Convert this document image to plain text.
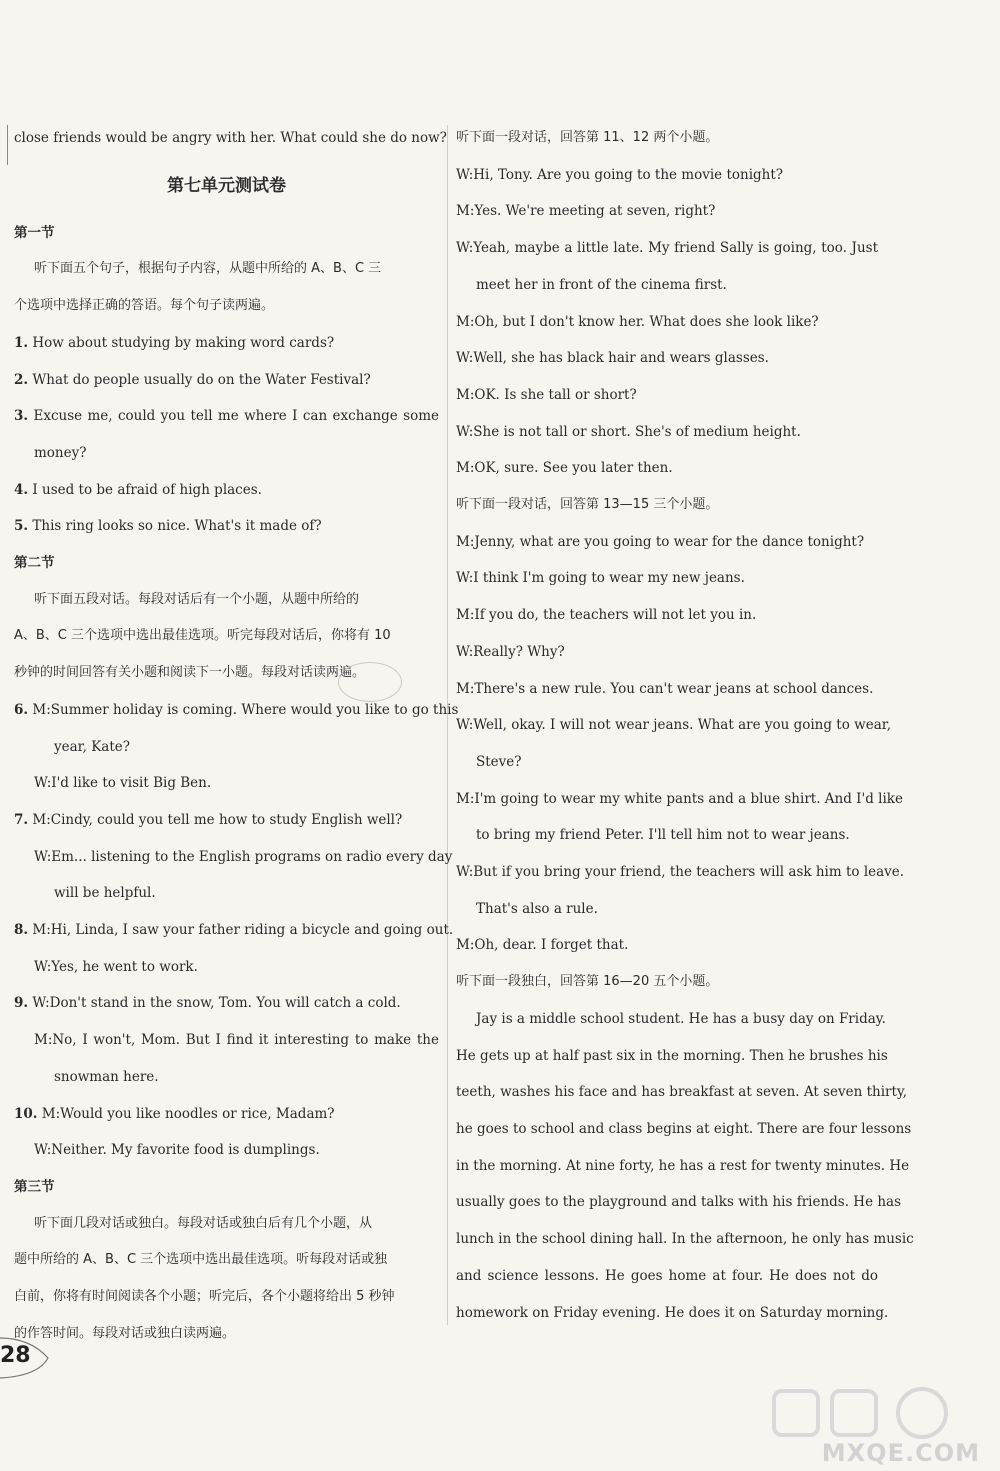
close friends would be angry with her. What could she do now?
第七单元测试卷
第一节
听下面五个句子，根据句子内容，从题中所给的 A、B、C 三
个选项中选择正确的答语。每个句子读两遍。
1. How about studying by making word cards?
2. What do people usually do on the Water Festival?
3. Excuse me, could you tell me where I can exchange some
money?
4. I used to be afraid of high places.
5. This ring looks so nice. What's it made of?
第二节
听下面五段对话。每段对话后有一个小题，从题中所给的
A、B、C 三个选项中选出最佳选项。听完每段对话后，你将有 10
秒钟的时间回答有关小题和阅读下一小题。每段对话读两遍。
6. M:Summer holiday is coming. Where would you like to go this
year, Kate?
W:I'd like to visit Big Ben.
7. M:Cindy, could you tell me how to study English well?
W:Em... listening to the English programs on radio every day
will be helpful.
8. M:Hi, Linda, I saw your father riding a bicycle and going out.
W:Yes, he went to work.
9. W:Don't stand in the snow, Tom. You will catch a cold.
M:No, I won't, Mom. But I find it interesting to make the
snowman here.
10. M:Would you like noodles or rice, Madam?
W:Neither. My favorite food is dumplings.
第三节
听下面几段对话或独白。每段对话或独白后有几个小题，从
题中所给的 A、B、C 三个选项中选出最佳选项。听每段对话或独
白前，你将有时间阅读各个小题；听完后，各个小题将给出 5 秒钟
的作答时间。每段对话或独白读两遍。
听下面一段对话，回答第 11、12 两个小题。
W:Hi, Tony. Are you going to the movie tonight?
M:Yes. We're meeting at seven, right?
W:Yeah, maybe a little late. My friend Sally is going, too. Just
meet her in front of the cinema first.
M:Oh, but I don't know her. What does she look like?
W:Well, she has black hair and wears glasses.
M:OK. Is she tall or short?
W:She is not tall or short. She's of medium height.
M:OK, sure. See you later then.
听下面一段对话，回答第 13—15 三个小题。
M:Jenny, what are you going to wear for the dance tonight?
W:I think I'm going to wear my new jeans.
M:If you do, the teachers will not let you in.
W:Really? Why?
M:There's a new rule. You can't wear jeans at school dances.
W:Well, okay. I will not wear jeans. What are you going to wear,
Steve?
M:I'm going to wear my white pants and a blue shirt. And I'd like
to bring my friend Peter. I'll tell him not to wear jeans.
W:But if you bring your friend, the teachers will ask him to leave.
That's also a rule.
M:Oh, dear. I forget that.
听下面一段独白，回答第 16—20 五个小题。
Jay is a middle school student. He has a busy day on Friday.
He gets up at half past six in the morning. Then he brushes his
teeth, washes his face and has breakfast at seven. At seven thirty,
he goes to school and class begins at eight. There are four lessons
in the morning. At nine forty, he has a rest for twenty minutes. He
usually goes to the playground and talks with his friends. He has
lunch in the school dining hall. In the afternoon, he only has music
and science lessons. He goes home at four. He does not do
homework on Friday evening. He does it on Saturday morning.
28
MXQE.COM
